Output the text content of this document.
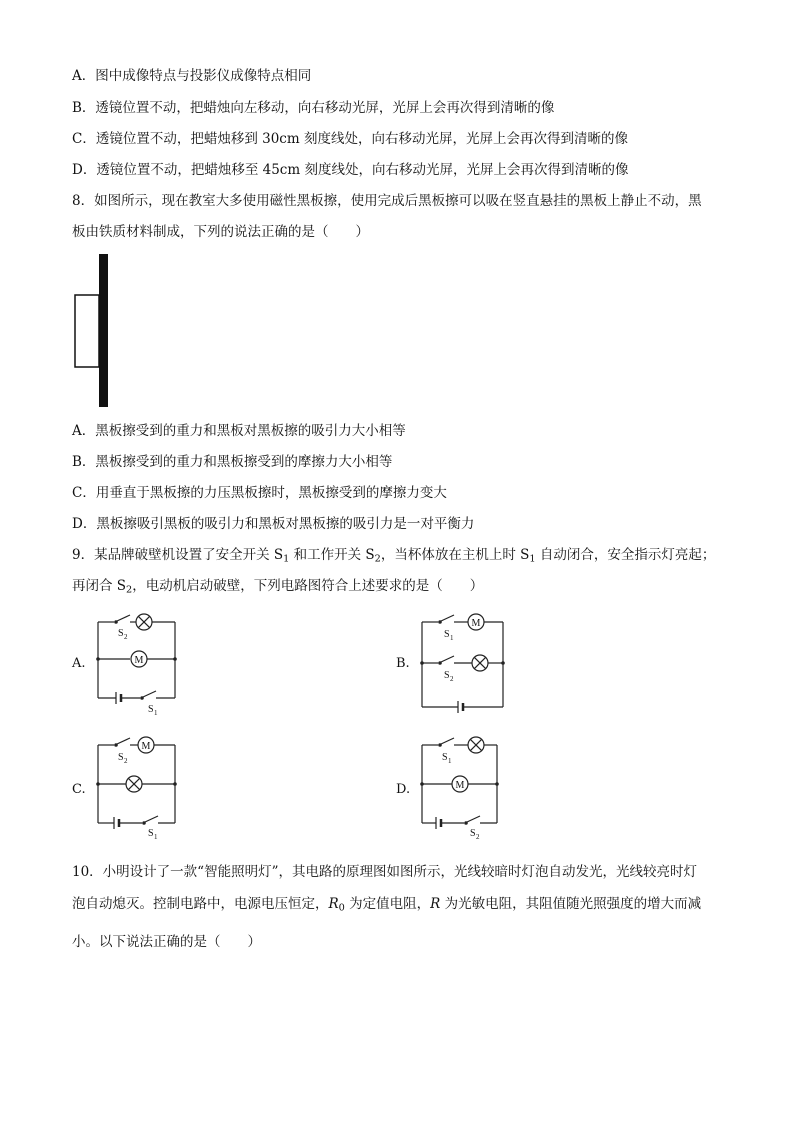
A．图中成像特点与投影仪成像特点相同
B．透镜位置不动，把蜡烛向左移动，向右移动光屏，光屏上会再次得到清晰的像
C．透镜位置不动，把蜡烛移到 30cm 刻度线处，向右移动光屏，光屏上会再次得到清晰的像
D．透镜位置不动，把蜡烛移至 45cm 刻度线处，向右移动光屏，光屏上会再次得到清晰的像
8．如图所示，现在教室大多使用磁性黑板擦，使用完成后黑板擦可以吸在竖直悬挂的黑板上静止不动，黑
板由铁质材料制成，下列的说法正确的是（　　）
A．黑板擦受到的重力和黑板对黑板擦的吸引力大小相等
B．黑板擦受到的重力和黑板擦受到的摩擦力大小相等
C．用垂直于黑板擦的力压黑板擦时，黑板擦受到的摩擦力变大
D．黑板擦吸引黑板的吸引力和黑板对黑板擦的吸引力是一对平衡力
9．某品牌破壁机设置了安全开关 $S_1$ 和工作开关 $S_2$，当杯体放在主机上时 $S_1$ 自动闭合，安全指示灯亮起；
再闭合 $S_2$，电动机启动破壁，下列电路图符合上述要求的是（　　）
A.
S 2
M
S 1
B.
M
S 1
S 2
C.
M
S 2
S 1
D.
S 1
M
S 2
10．小明设计了一款“智能照明灯”，其电路的原理图如图所示，光线较暗时灯泡自动发光，光线较亮时灯
泡自动熄灭。控制电路中，电源电压恒定，$R_0$ 为定值电阻，R 为光敏电阻，其阻值随光照强度的增大而减
小。以下说法正确的是（　　）
